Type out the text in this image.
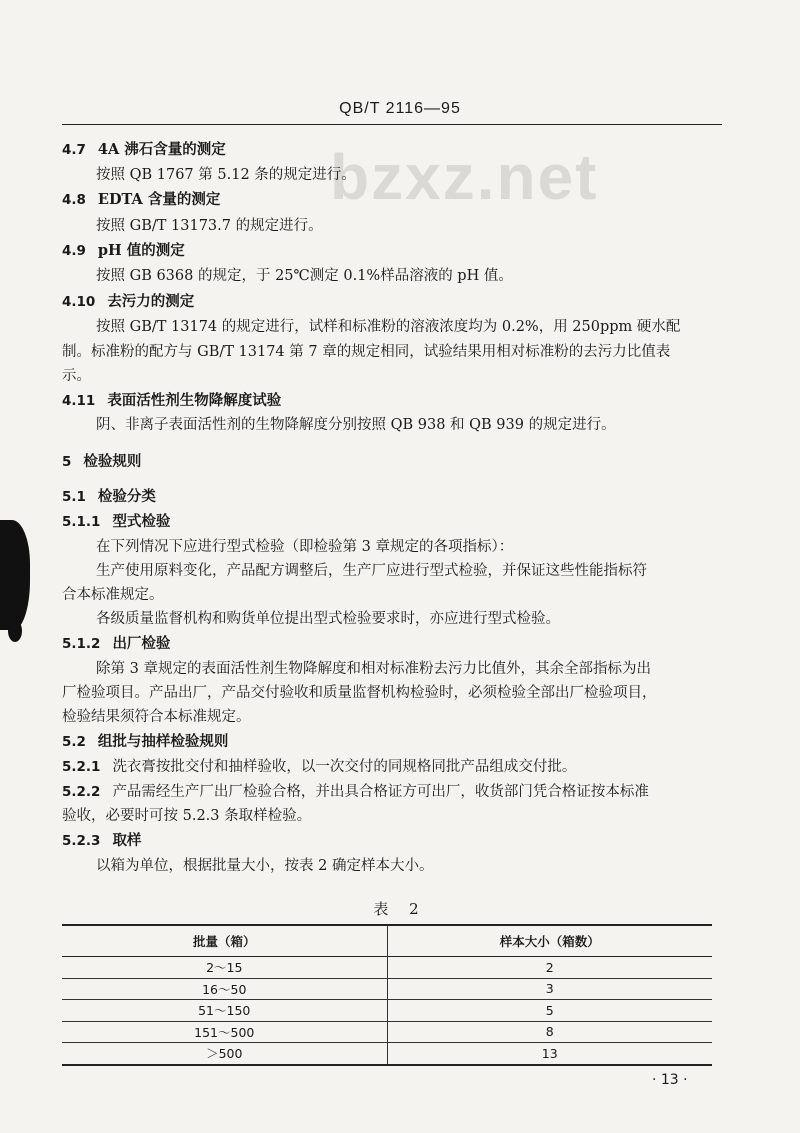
QB/T 2116—95
bzxz.net
4.7 4A 沸石含量的测定
按照 QB 1767 第 5.12 条的规定进行。
4.8 EDTA 含量的测定
按照 GB/T 13173.7 的规定进行。
4.9 pH 值的测定
按照 GB 6368 的规定，于 25℃测定 0.1%样品溶液的 pH 值。
4.10 去污力的测定
按照 GB/T 13174 的规定进行，试样和标准粉的溶液浓度均为 0.2%，用 250ppm 硬水配
制。标准粉的配方与 GB/T 13174 第 7 章的规定相同，试验结果用相对标准粉的去污力比值表
示。
4.11 表面活性剂生物降解度试验
阴、非离子表面活性剂的生物降解度分别按照 QB 938 和 QB 939 的规定进行。
5 检验规则
5.1 检验分类
5.1.1 型式检验
在下列情况下应进行型式检验（即检验第 3 章规定的各项指标）：
生产使用原料变化，产品配方调整后，生产厂应进行型式检验，并保证这些性能指标符
合本标准规定。
各级质量监督机构和购货单位提出型式检验要求时，亦应进行型式检验。
5.1.2 出厂检验
除第 3 章规定的表面活性剂生物降解度和相对标准粉去污力比值外，其余全部指标为出
厂检验项目。产品出厂，产品交付验收和质量监督机构检验时，必须检验全部出厂检验项目，
检验结果须符合本标准规定。
5.2 组批与抽样检验规则
5.2.1 洗衣膏按批交付和抽样验收，以一次交付的同规格同批产品组成交付批。
5.2.2 产品需经生产厂出厂检验合格，并出具合格证方可出厂，收货部门凭合格证按本标准
验收，必要时可按 5.2.3 条取样检验。
5.2.3 取样
以箱为单位，根据批量大小，按表 2 确定样本大小。
表 2
批量（箱）	样本大小（箱数）
2～15	2
16～50	3
51～150	5
151～500	8
＞500	13
· 13 ·
